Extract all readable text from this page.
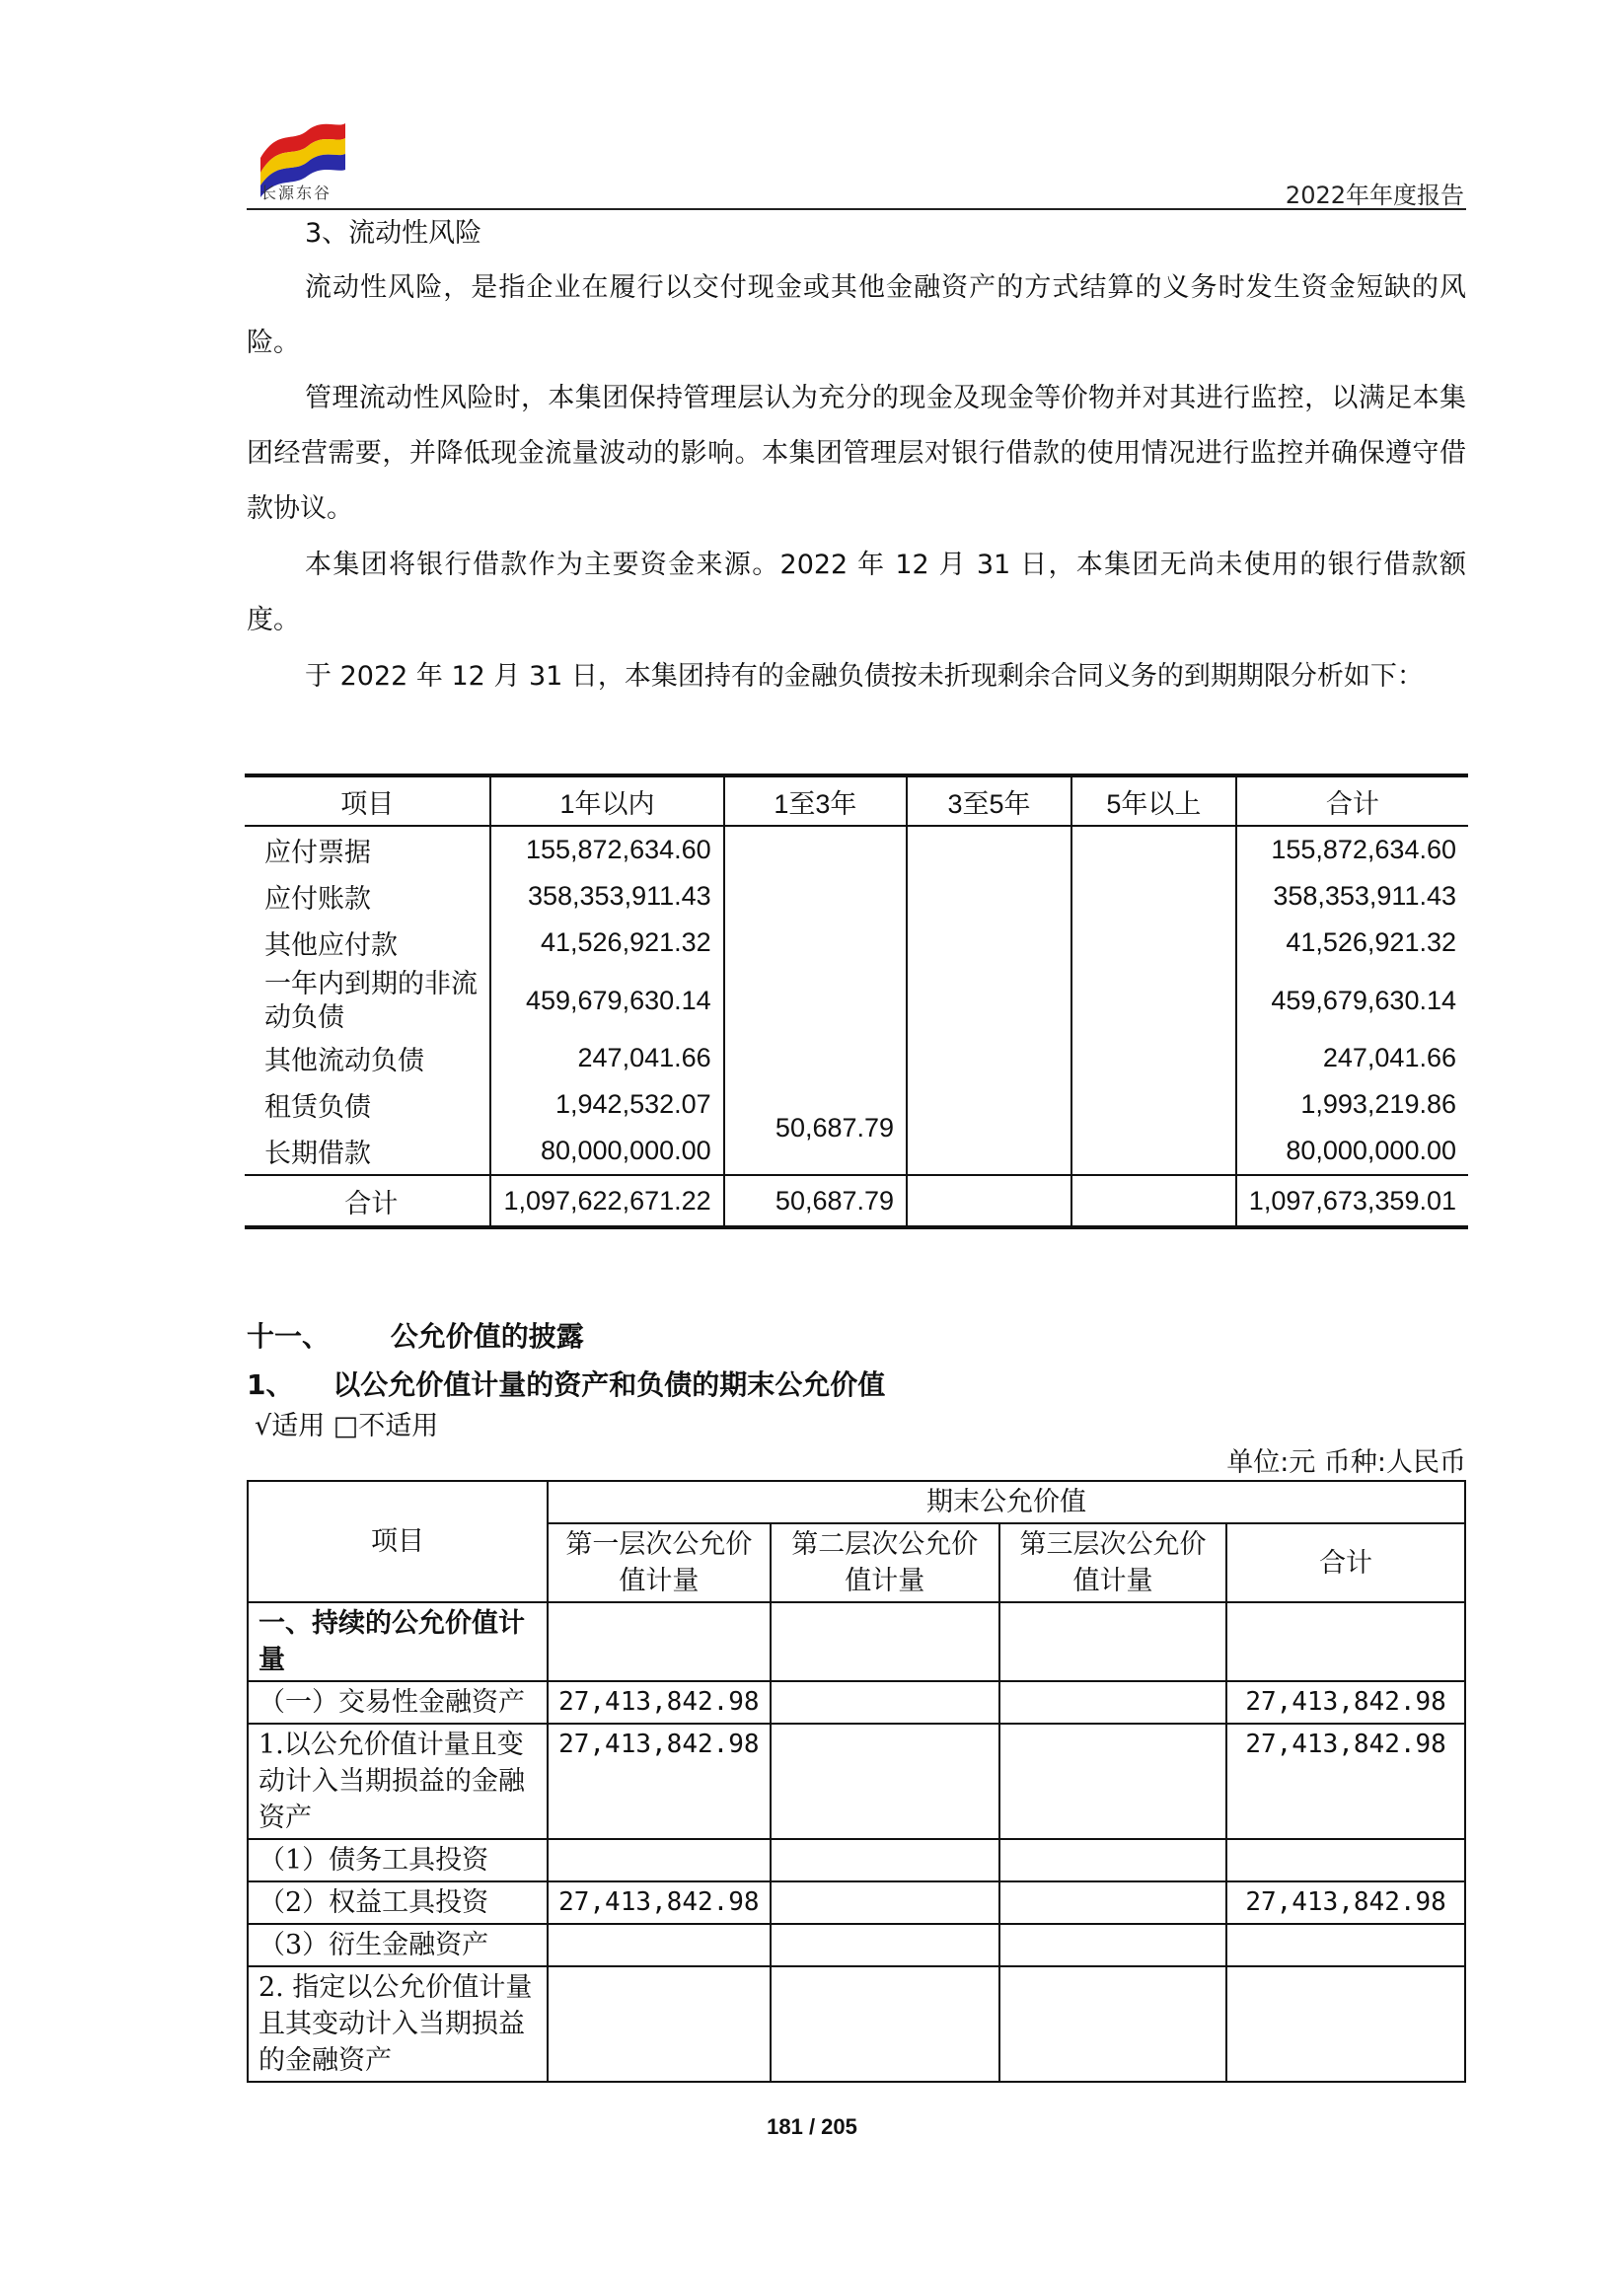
长源东谷	2022年年度报告
3、流动性风险
流动性风险，是指企业在履行以交付现金或其他金融资产的方式结算的义务时发生资金短缺的风险。
管理流动性风险时，本集团保持管理层认为充分的现金及现金等价物并对其进行监控，以满足本集团经营需要，并降低现金流量波动的影响。本集团管理层对银行借款的使用情况进行监控并确保遵守借款协议。
本集团将银行借款作为主要资金来源。2022 年 12 月 31 日，本集团无尚未使用的银行借款额度。
于 2022 年 12 月 31 日，本集团持有的金融负债按未折现剩余合同义务的到期期限分析如下：
项目	1年以内	1至3年	3至5年	5年以上	合计
应付票据	155,872,634.60				155,872,634.60
应付账款	358,353,911.43				358,353,911.43
其他应付款	41,526,921.32				41,526,921.32
一年内到期的非流动负债	459,679,630.14				459,679,630.14
其他流动负债	247,041.66				247,041.66
租赁负债	1,942,532.07	50,687.79			1,993,219.86
长期借款	80,000,000.00				80,000,000.00
合计	1,097,622,671.22	50,687.79			1,097,673,359.01
十一、 公允价值的披露
1、 以公允价值计量的资产和负债的期末公允价值
√适用 □不适用
单位:元 币种:人民币
项目	期末公允价值			
	第一层次公允价值计量	第二层次公允价值计量	第三层次公允价值计量	合计
一、持续的公允价值计量				
（一）交易性金融资产	27,413,842.98			27,413,842.98
1.以公允价值计量且变动计入当期损益的金融资产	27,413,842.98			27,413,842.98
（1）债务工具投资				
（2）权益工具投资	27,413,842.98			27,413,842.98
（3）衍生金融资产				
2. 指定以公允价值计量且其变动计入当期损益的金融资产				
181 / 205
